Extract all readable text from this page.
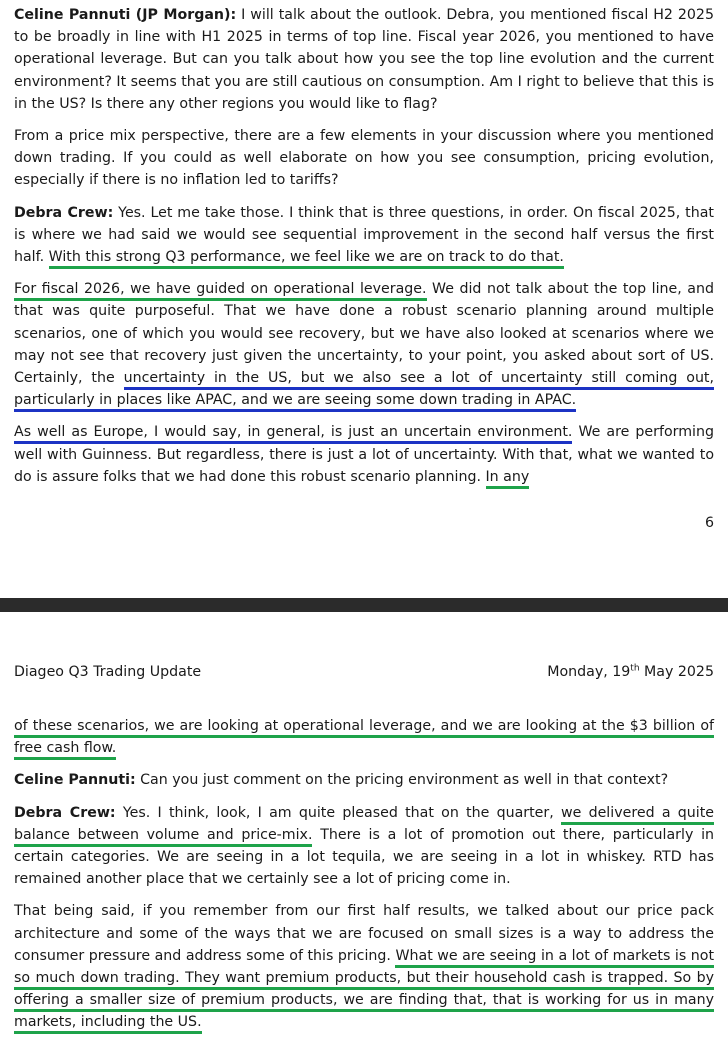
Celine Pannuti (JP Morgan): I will talk about the outlook. Debra, you mentioned fiscal H2 2025 to be broadly in line with H1 2025 in terms of top line. Fiscal year 2026, you mentioned to have operational leverage. But can you talk about how you see the top line evolution and the current environment? It seems that you are still cautious on consumption. Am I right to believe that this is in the US? Is there any other regions you would like to flag?

From a price mix perspective, there are a few elements in your discussion where you mentioned down trading. If you could as well elaborate on how you see consumption, pricing evolution, especially if there is no inflation led to tariffs?

Debra Crew: Yes. Let me take those. I think that is three questions, in order. On fiscal 2025, that is where we had said we would see sequential improvement in the second half versus the first half. With this strong Q3 performance, we feel like we are on track to do that.

For fiscal 2026, we have guided on operational leverage. We did not talk about the top line, and that was quite purposeful. That we have done a robust scenario planning around multiple scenarios, one of which you would see recovery, but we have also looked at scenarios where we may not see that recovery just given the uncertainty, to your point, you asked about sort of US. Certainly, the uncertainty in the US, but we also see a lot of uncertainty still coming out, particularly in places like APAC, and we are seeing some down trading in APAC.

As well as Europe, I would say, in general, is just an uncertain environment. We are performing well with Guinness. But regardless, there is just a lot of uncertainty. With that, what we wanted to do is assure folks that we had done this robust scenario planning. In any

6
Diageo Q3 Trading Update	Monday, 19th May 2025

of these scenarios, we are looking at operational leverage, and we are looking at the $3 billion of free cash flow.

Celine Pannuti: Can you just comment on the pricing environment as well in that context?

Debra Crew: Yes. I think, look, I am quite pleased that on the quarter, we delivered a quite balance between volume and price-mix. There is a lot of promotion out there, particularly in certain categories. We are seeing in a lot tequila, we are seeing in a lot in whiskey. RTD has remained another place that we certainly see a lot of pricing come in.

That being said, if you remember from our first half results, we talked about our price pack architecture and some of the ways that we are focused on small sizes is a way to address the consumer pressure and address some of this pricing. What we are seeing in a lot of markets is not so much down trading. They want premium products, but their household cash is trapped. So by offering a smaller size of premium products, we are finding that, that is working for us in many markets, including the US.
